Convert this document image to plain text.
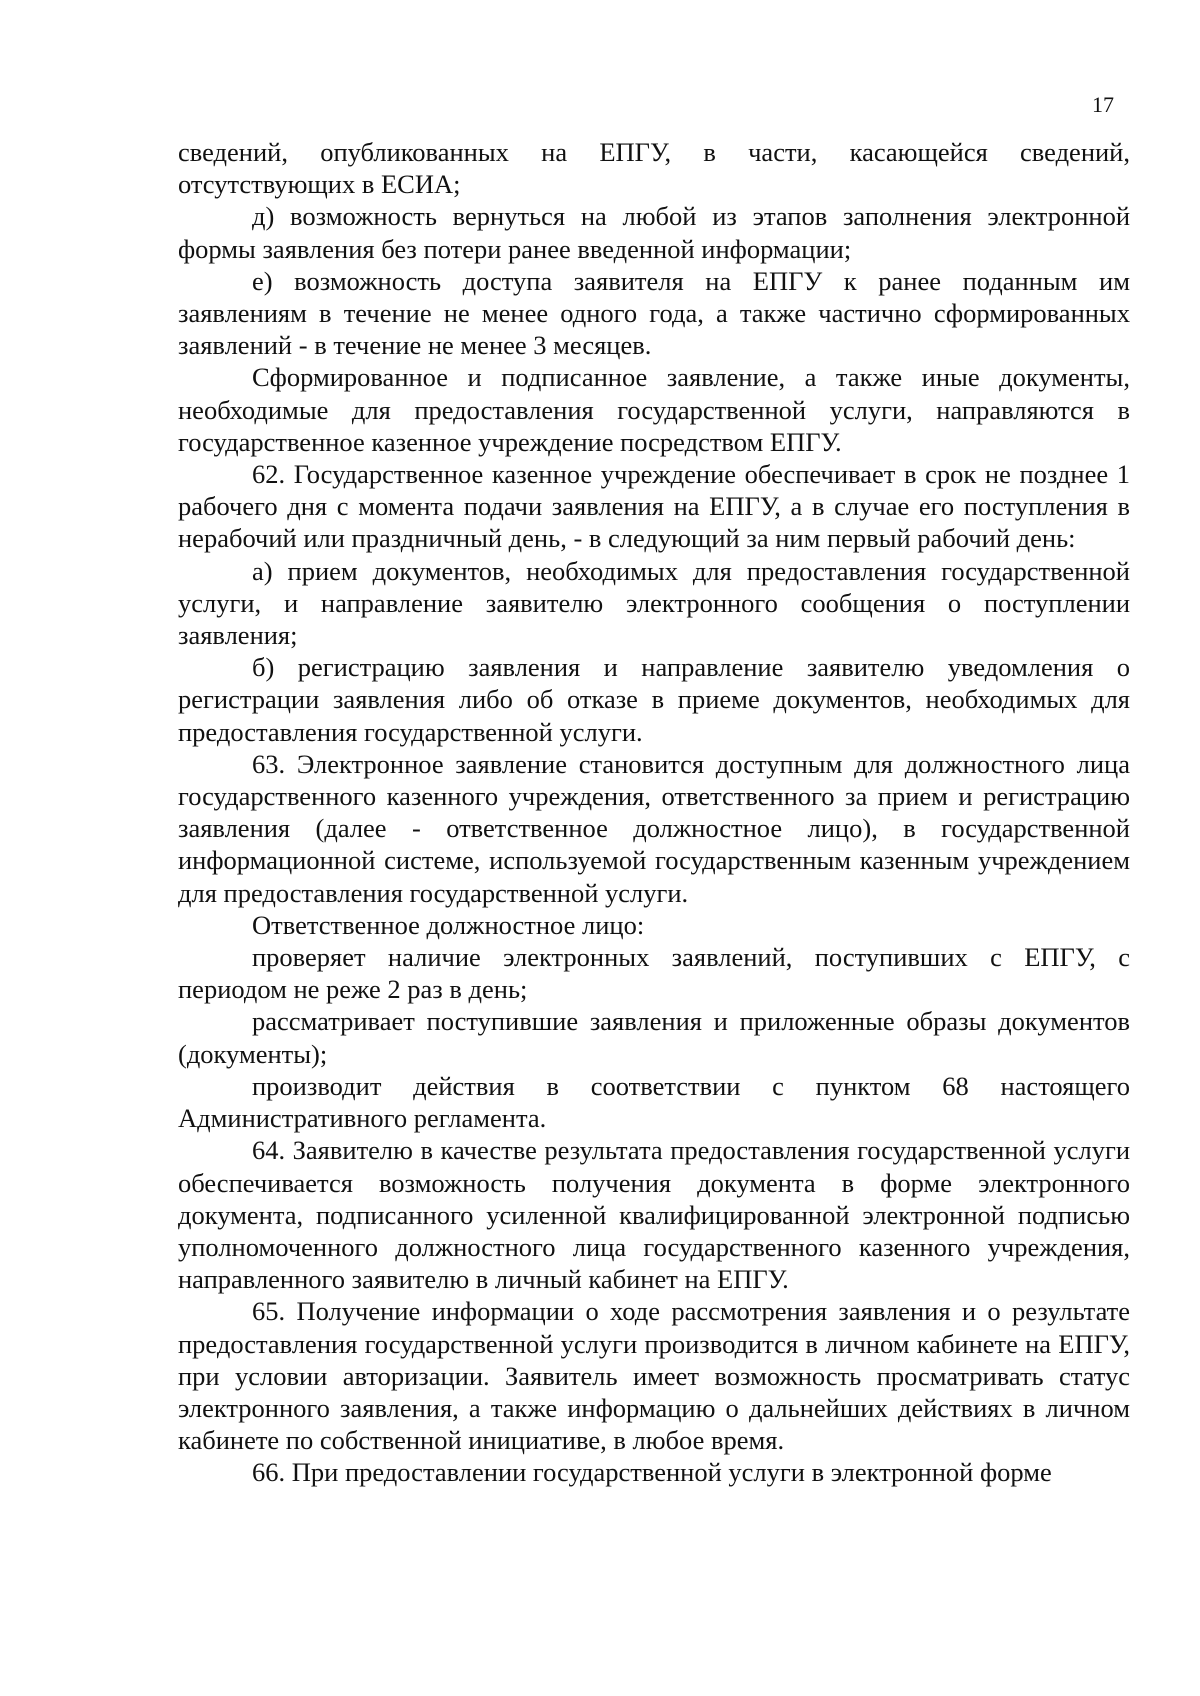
17

сведений, опубликованных на ЕПГУ, в части, касающейся сведений, отсутствующих в ЕСИА;

д) возможность вернуться на любой из этапов заполнения электронной формы заявления без потери ранее введенной информации;

е) возможность доступа заявителя на ЕПГУ к ранее поданным им заявлениям в течение не менее одного года, а также частично сформированных заявлений - в течение не менее 3 месяцев.

Сформированное и подписанное заявление, а также иные документы, необходимые для предоставления государственной услуги, направляются в государственное казенное учреждение посредством ЕПГУ.

62. Государственное казенное учреждение обеспечивает в срок не позднее 1 рабочего дня с момента подачи заявления на ЕПГУ, а в случае его поступления в нерабочий или праздничный день, - в следующий за ним первый рабочий день:

а) прием документов, необходимых для предоставления государственной услуги, и направление заявителю электронного сообщения о поступлении заявления;

б) регистрацию заявления и направление заявителю уведомления о регистрации заявления либо об отказе в приеме документов, необходимых для предоставления государственной услуги.

63. Электронное заявление становится доступным для должностного лица государственного казенного учреждения, ответственного за прием и регистрацию заявления (далее - ответственное должностное лицо), в государственной информационной системе, используемой государственным казенным учреждением для предоставления государственной услуги.

Ответственное должностное лицо:

проверяет наличие электронных заявлений, поступивших с ЕПГУ, с периодом не реже 2 раз в день;

рассматривает поступившие заявления и приложенные образы документов (документы);

производит действия в соответствии с пунктом 68 настоящего Административного регламента.

64. Заявителю в качестве результата предоставления государственной услуги обеспечивается возможность получения документа в форме электронного документа, подписанного усиленной квалифицированной электронной подписью уполномоченного должностного лица государственного казенного учреждения, направленного заявителю в личный кабинет на ЕПГУ.

65. Получение информации о ходе рассмотрения заявления и о результате предоставления государственной услуги производится в личном кабинете на ЕПГУ, при условии авторизации. Заявитель имеет возможность просматривать статус электронного заявления, а также информацию о дальнейших действиях в личном кабинете по собственной инициативе, в любое время.

66. При предоставлении государственной услуги в электронной форме
